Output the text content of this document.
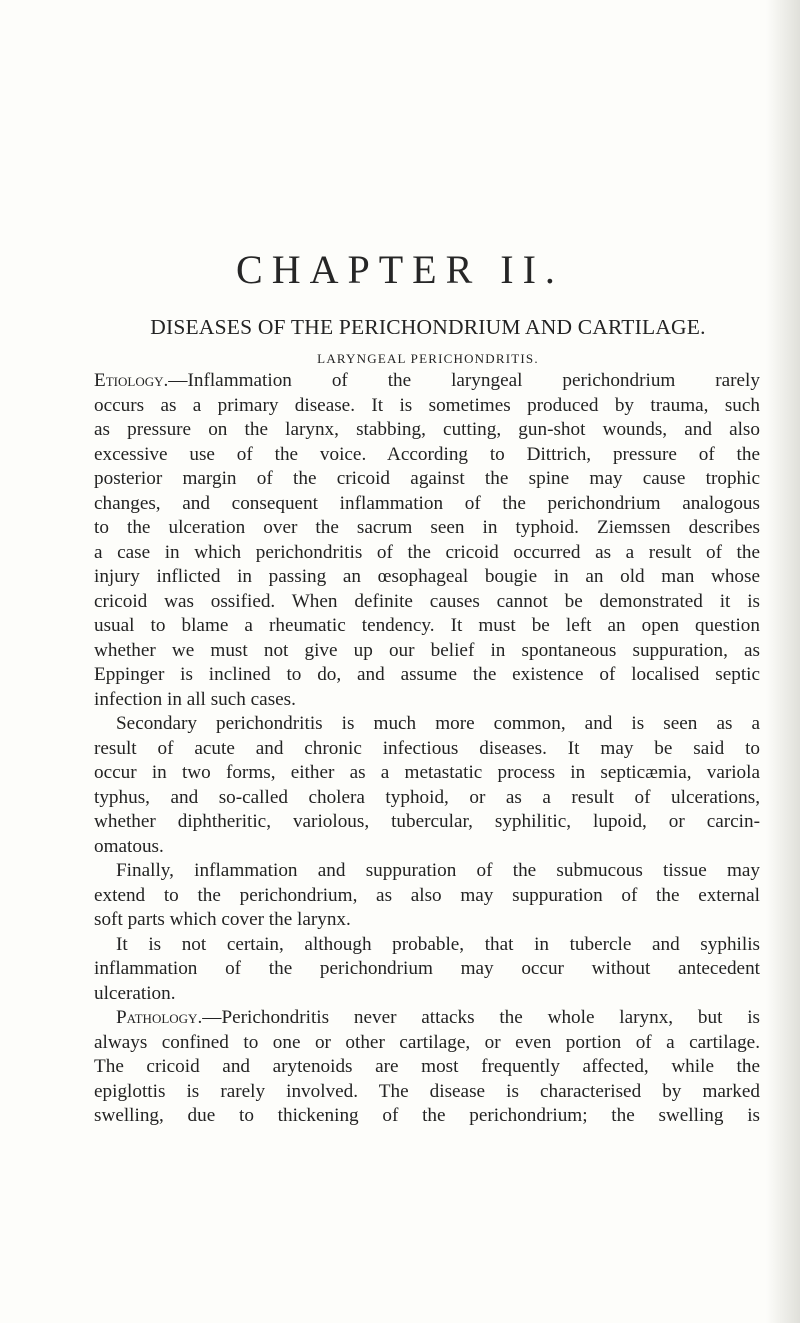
CHAPTER II.
DISEASES OF THE PERICHONDRIUM AND CARTILAGE.
LARYNGEAL PERICHONDRITIS.
Etiology.—Inflammation of the laryngeal perichondrium rarely
occurs as a primary disease. It is sometimes produced by trauma, such
as pressure on the larynx, stabbing, cutting, gun-shot wounds, and also
excessive use of the voice. According to Dittrich, pressure of the
posterior margin of the cricoid against the spine may cause trophic
changes, and consequent inflammation of the perichondrium analogous
to the ulceration over the sacrum seen in typhoid. Ziemssen describes
a case in which perichondritis of the cricoid occurred as a result of the
injury inflicted in passing an œsophageal bougie in an old man whose
cricoid was ossified. When definite causes cannot be demonstrated it is
usual to blame a rheumatic tendency. It must be left an open question
whether we must not give up our belief in spontaneous suppuration, as
Eppinger is inclined to do, and assume the existence of localised septic
infection in all such cases.
Secondary perichondritis is much more common, and is seen as a
result of acute and chronic infectious diseases. It may be said to
occur in two forms, either as a metastatic process in septicæmia, variola
typhus, and so-called cholera typhoid, or as a result of ulcerations,
whether diphtheritic, variolous, tubercular, syphilitic, lupoid, or carcin-
omatous.
Finally, inflammation and suppuration of the submucous tissue may
extend to the perichondrium, as also may suppuration of the external
soft parts which cover the larynx.
It is not certain, although probable, that in tubercle and syphilis
inflammation of the perichondrium may occur without antecedent
ulceration.
Pathology.—Perichondritis never attacks the whole larynx, but is
always confined to one or other cartilage, or even portion of a cartilage.
The cricoid and arytenoids are most frequently affected, while the
epiglottis is rarely involved. The disease is characterised by marked
swelling, due to thickening of the perichondrium; the swelling is
